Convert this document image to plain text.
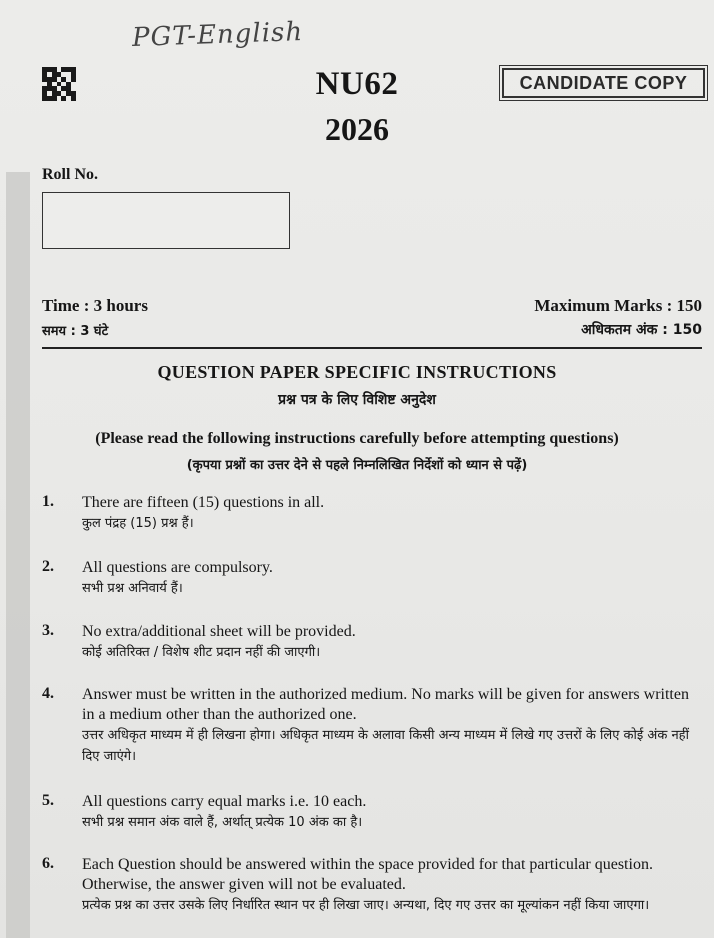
PGT-English
NU62
2026
CANDIDATE COPY
Roll No.
Time : 3 hours
समय : 3 घंटे
Maximum Marks : 150
अधिकतम अंक : 150
QUESTION PAPER SPECIFIC INSTRUCTIONS
प्रश्न पत्र के लिए विशिष्ट अनुदेश
(Please read the following instructions carefully before attempting questions)
(कृपया प्रश्नों का उत्तर देने से पहले निम्नलिखित निर्देशों को ध्यान से पढ़ें)
1. There are fifteen (15) questions in all.
कुल पंद्रह (15) प्रश्न हैं।
2. All questions are compulsory.
सभी प्रश्न अनिवार्य हैं।
3. No extra/additional sheet will be provided.
कोई अतिरिक्त / विशेष शीट प्रदान नहीं की जाएगी।
4. Answer must be written in the authorized medium. No marks will be given for answers written in a medium other than the authorized one.
उत्तर अधिकृत माध्यम में ही लिखना होगा। अधिकृत माध्यम के अलावा किसी अन्य माध्यम में लिखे गए उत्तरों के लिए कोई अंक नहीं दिए जाएंगे।
5. All questions carry equal marks i.e. 10 each.
सभी प्रश्न समान अंक वाले हैं, अर्थात् प्रत्येक 10 अंक का है।
6. Each Question should be answered within the space provided for that particular question. Otherwise, the answer given will not be evaluated.
प्रत्येक प्रश्न का उत्तर उसके लिए निर्धारित स्थान पर ही लिखा जाए। अन्यथा, दिए गए उत्तर का मूल्यांकन नहीं किया जाएगा।
